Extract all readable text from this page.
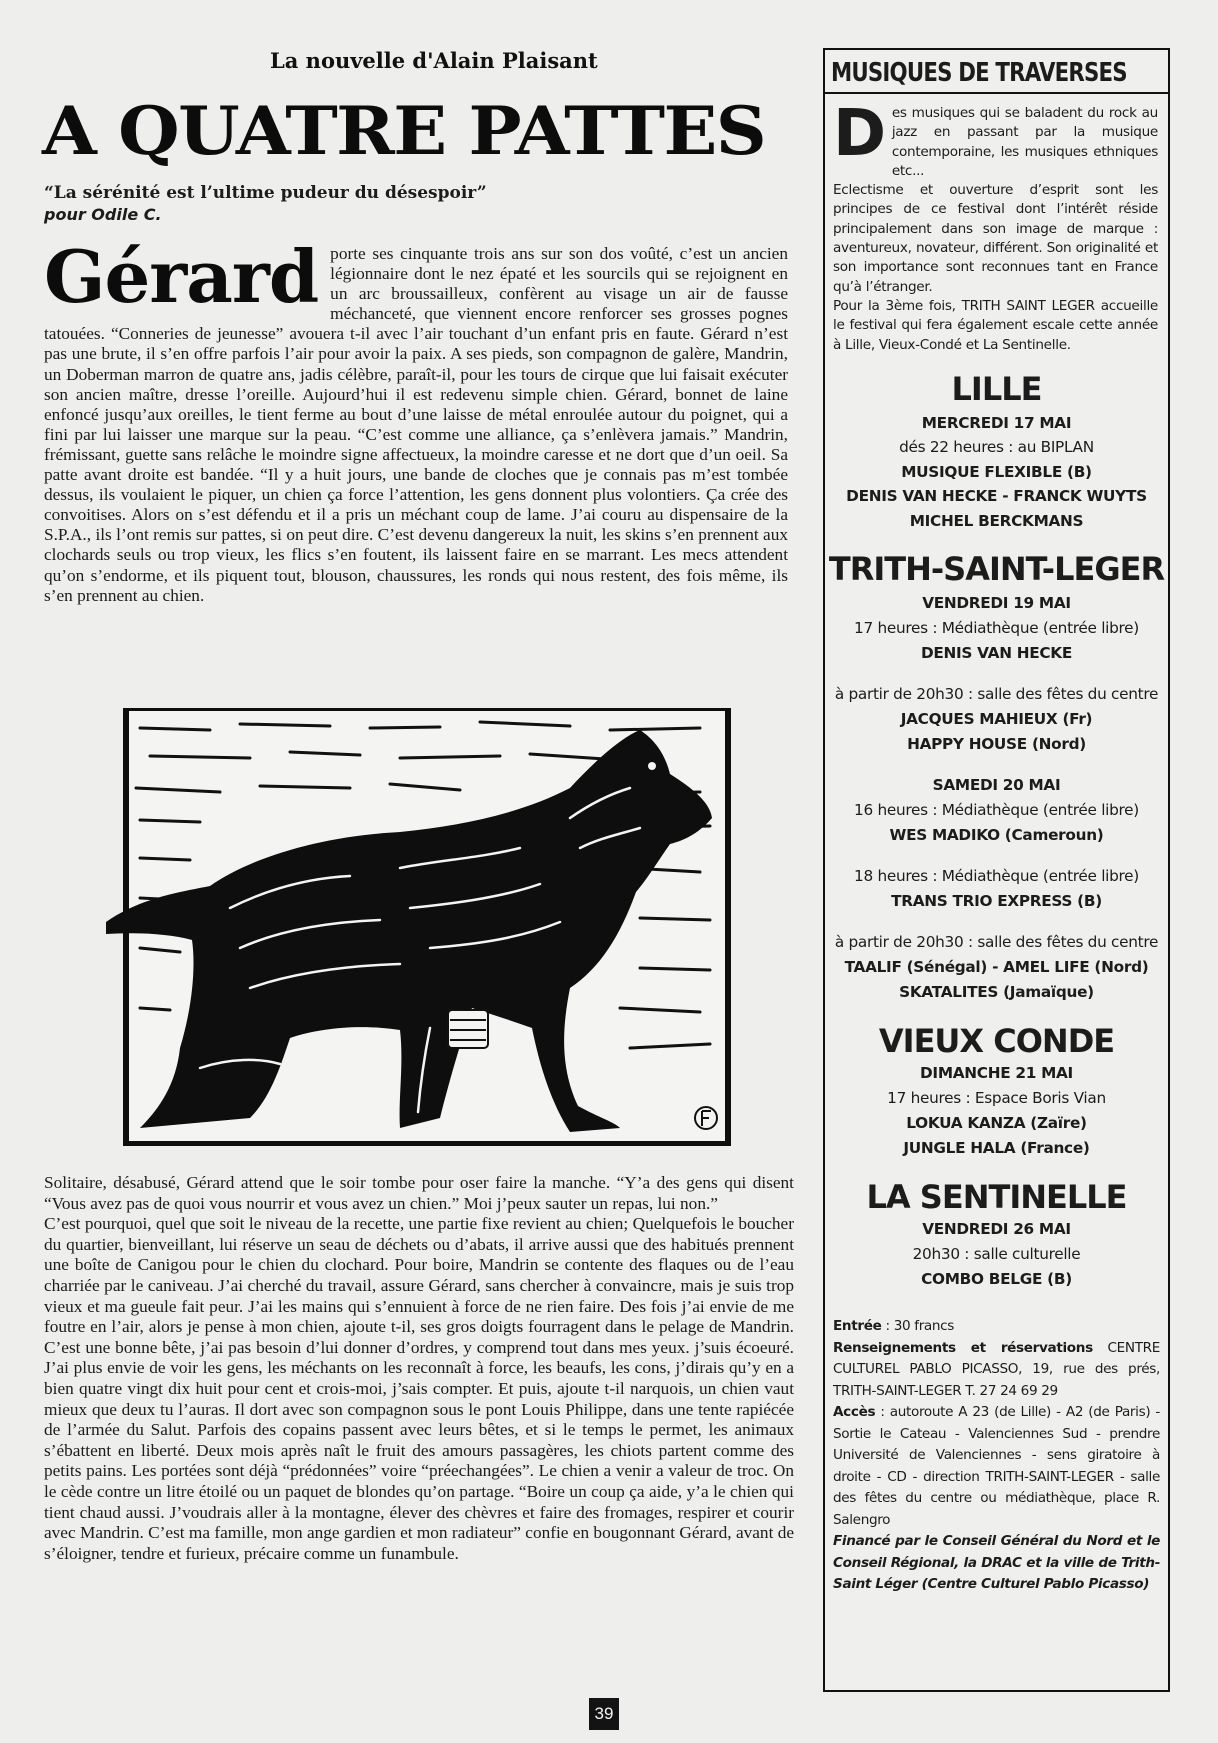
La nouvelle d'Alain Plaisant
A QUATRE PATTES
“La sérénité est l’ultime pudeur du désespoir”
pour Odile C.
Gérard porte ses cinquante trois ans sur son dos voûté, c’est un ancien légionnaire dont le nez épaté et les sourcils qui se rejoignent en un arc broussailleux, confèrent au visage un air de fausse méchanceté, que viennent encore renforcer ses grosses pognes tatouées. “Conneries de jeunesse” avouera t-il avec l’air touchant d’un enfant pris en faute. Gérard n’est pas une brute, il s’en offre parfois l’air pour avoir la paix. A ses pieds, son compagnon de galère, Mandrin, un Doberman marron de quatre ans, jadis célèbre, paraît-il, pour les tours de cirque que lui faisait exécuter son ancien maître, dresse l’oreille. Aujourd’hui il est redevenu simple chien. Gérard, bonnet de laine enfoncé jusqu’aux oreilles, le tient ferme au bout d’une laisse de métal enroulée autour du poignet, qui a fini par lui laisser une marque sur la peau. “C’est comme une alliance, ça s’enlèvera jamais.” Mandrin, frémissant, guette sans relâche le moindre signe affectueux, la moindre caresse et ne dort que d’un oeil. Sa patte avant droite est bandée. “Il y a huit jours, une bande de cloches que je connais pas m’est tombée dessus, ils voulaient le piquer, un chien ça force l’attention, les gens donnent plus volontiers. Ça crée des convoitises. Alors on s’est défendu et il a pris un méchant coup de lame. J’ai couru au dispensaire de la S.P.A., ils l’ont remis sur pattes, si on peut dire. C’est devenu dangereux la nuit, les skins s’en prennent aux clochards seuls ou trop vieux, les flics s’en foutent, ils laissent faire en se marrant. Les mecs attendent qu’on s’endorme, et ils piquent tout, blouson, chaussures, les ronds qui nous restent, des fois même, ils s’en prennent au chien.

Solitaire, désabusé, Gérard attend que le soir tombe pour oser faire la manche. “Y’a des gens qui disent “Vous avez pas de quoi vous nourrir et vous avez un chien.” Moi j’peux sauter un repas, lui non.”

C’est pourquoi, quel que soit le niveau de la recette, une partie fixe revient au chien; Quelquefois le boucher du quartier, bienveillant, lui réserve un seau de déchets ou d’abats, il arrive aussi que des habitués prennent une boîte de Canigou pour le chien du clochard. Pour boire, Mandrin se contente des flaques ou de l’eau charriée par le caniveau. J’ai cherché du travail, assure Gérard, sans chercher à convaincre, mais je suis trop vieux et ma gueule fait peur. J’ai les mains qui s’ennuient à force de ne rien faire. Des fois j’ai envie de me foutre en l’air, alors je pense à mon chien, ajoute t-il, ses gros doigts fourragent dans le pelage de Mandrin. C’est une bonne bête, j’ai pas besoin d’lui donner d’ordres, y comprend tout dans mes yeux. j’suis écoeuré. J’ai plus envie de voir les gens, les méchants on les reconnaît à force, les beaufs, les cons, j’dirais qu’y en a bien quatre vingt dix huit pour cent et crois-moi, j’sais compter. Et puis, ajoute t-il narquois, un chien vaut mieux que deux tu l’auras. Il dort avec son compagnon sous le pont Louis Philippe, dans une tente rapiécée de l’armée du Salut. Parfois des copains passent avec leurs bêtes, et si le temps le permet, les animaux s’ébattent en liberté. Deux mois après naît le fruit des amours passagères, les chiots partent comme des petits pains. Les portées sont déjà “prédonnées” voire “préechangées”. Le chien a venir a valeur de troc. On le cède contre un litre étoilé ou un paquet de blondes qu’on partage. “Boire un coup ça aide, y’a le chien qui tient chaud aussi. J’voudrais aller à la montagne, élever des chèvres et faire des fromages, respirer et courir avec Mandrin. C’est ma famille, mon ange gardien et mon radiateur” confie en bougonnant Gérard, avant de s’éloigner, tendre et furieux, précaire comme un funambule.

MUSIQUES DE TRAVERSES
D es musiques qui se baladent du rock au jazz en passant par la musique contemporaine, les musiques ethniques etc...
Eclectisme et ouverture d’esprit sont les principes de ce festival dont l’intérêt réside principalement dans son image de marque : aventureux, novateur, différent. Son originalité et son importance sont reconnues tant en France qu’à l’étranger.
Pour la 3ème fois, TRITH SAINT LEGER accueille le festival qui fera également escale cette année à Lille, Vieux-Condé et La Sentinelle.
LILLE
MERCREDI 17 MAI
dés 22 heures : au BIPLAN
MUSIQUE FLEXIBLE (B)
DENIS VAN HECKE - FRANCK WUYTS
MICHEL BERCKMANS
TRITH-SAINT-LEGER
VENDREDI 19 MAI
17 heures : Médiathèque (entrée libre)
DENIS VAN HECKE
à partir de 20h30 : salle des fêtes du centre
JACQUES MAHIEUX (Fr)
HAPPY HOUSE (Nord)
SAMEDI 20 MAI
16 heures : Médiathèque (entrée libre)
WES MADIKO (Cameroun)
18 heures : Médiathèque (entrée libre)
TRANS TRIO EXPRESS (B)
à partir de 20h30 : salle des fêtes du centre
TAALIF (Sénégal) - AMEL LIFE (Nord)
SKATALITES (Jamaïque)
VIEUX CONDE
DIMANCHE 21 MAI
17 heures : Espace Boris Vian
LOKUA KANZA (Zaïre)
JUNGLE HALA (France)
LA SENTINELLE
VENDREDI 26 MAI
20h30 : salle culturelle
COMBO BELGE (B)
Entrée : 30 francs
Renseignements et réservations CENTRE CULTUREL PABLO PICASSO, 19, rue des prés, TRITH-SAINT-LEGER T. 27 24 69 29
Accès : autoroute A 23 (de Lille) - A2 (de Paris) - Sortie le Cateau - Valenciennes Sud - prendre Université de Valenciennes - sens giratoire à droite - CD - direction TRITH-SAINT-LEGER - salle des fêtes du centre ou médiathèque, place R. Salengro
Financé par le Conseil Général du Nord et le Conseil Régional, la DRAC et la ville de Trith-Saint Léger (Centre Culturel Pablo Picasso)
39
